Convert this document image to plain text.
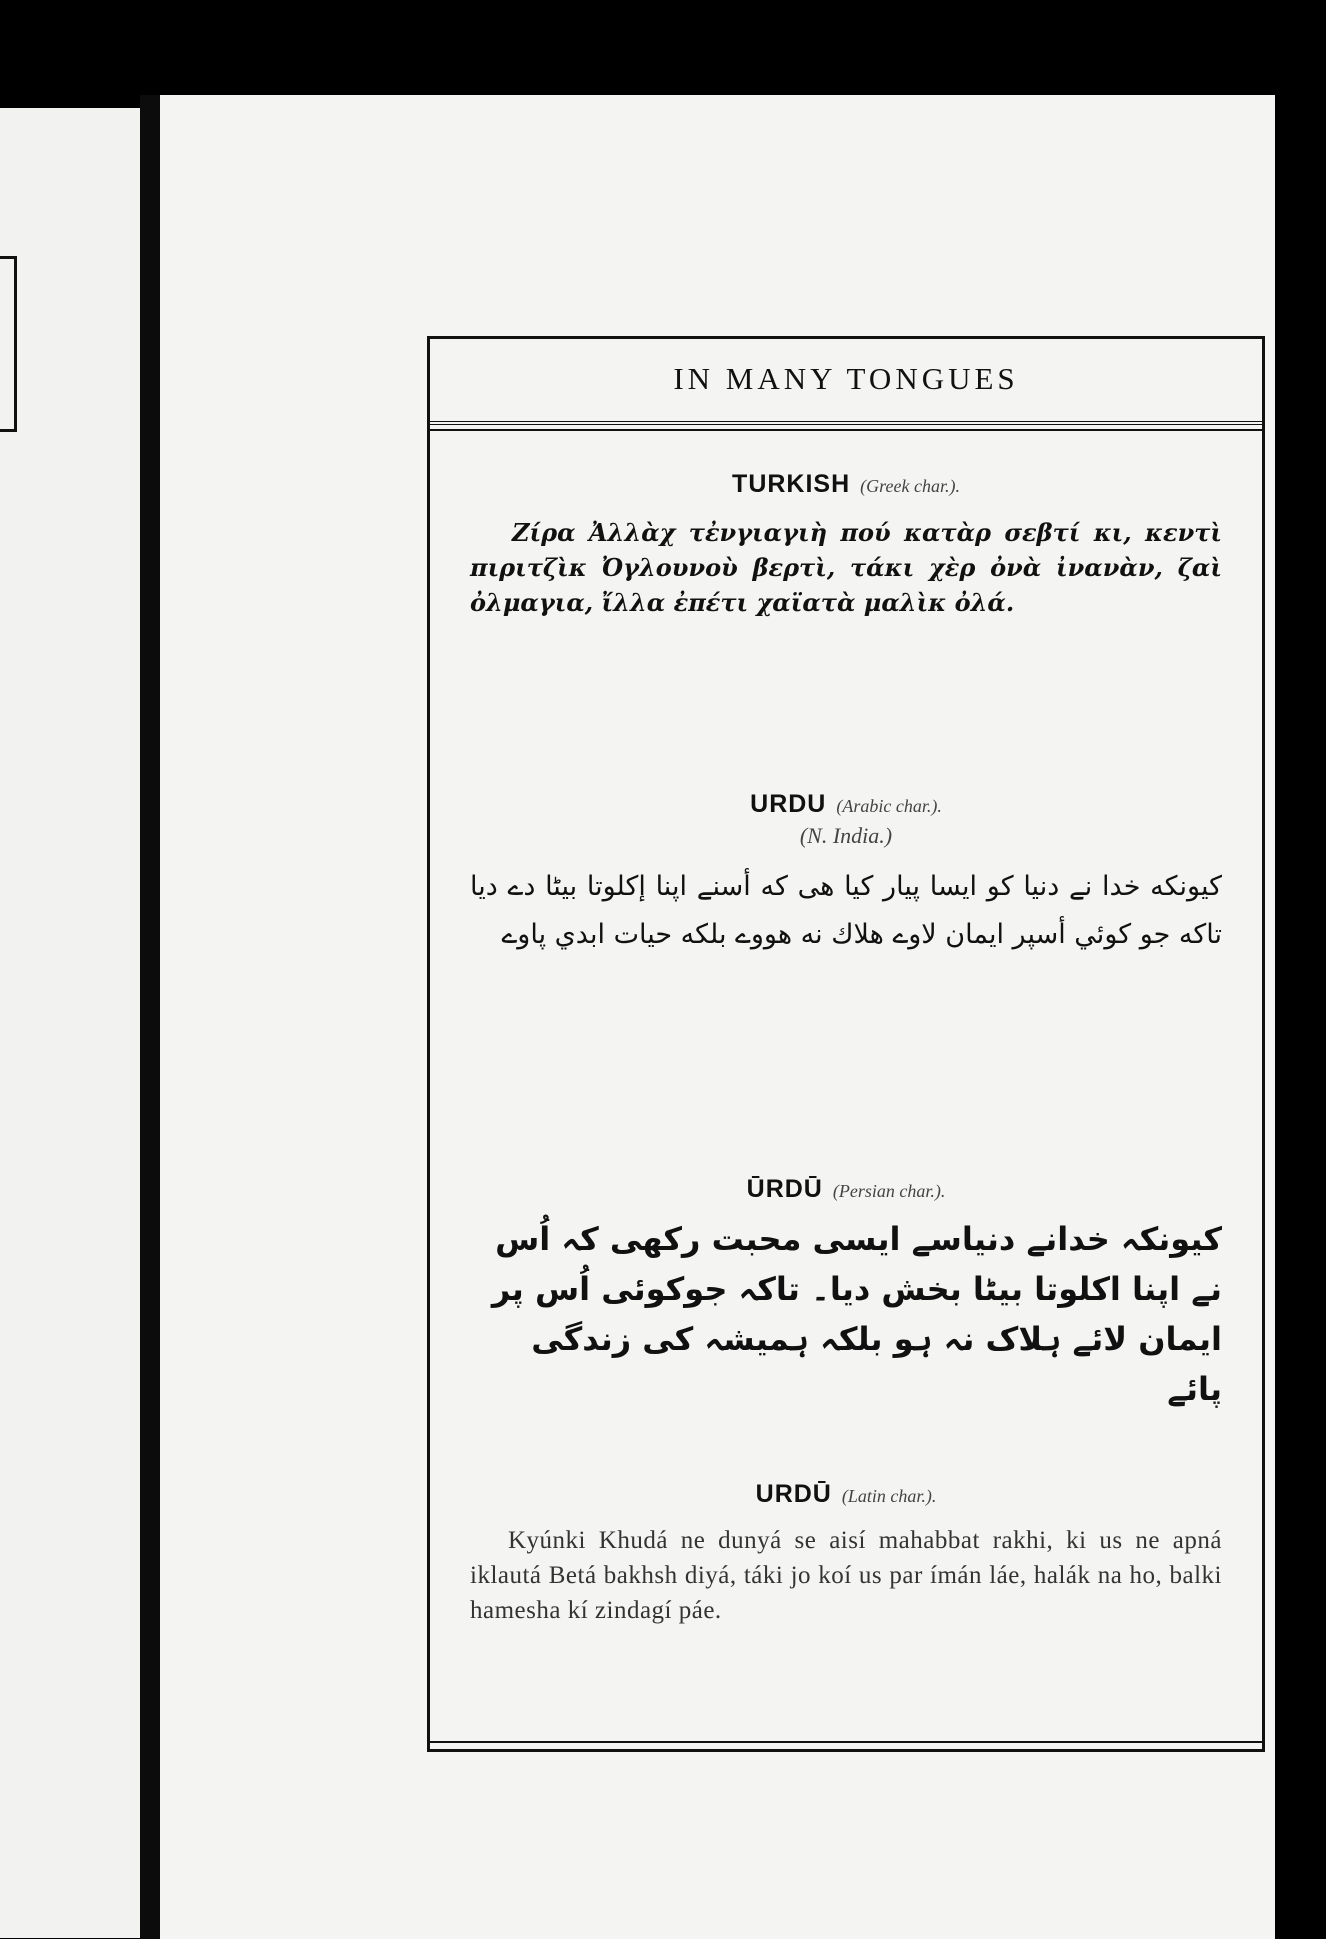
IN MANY TONGUES
TURKISH (Greek char.).
Zίρα Ἀλλὰχ τἐνγιαγιὴ πού κατὰρ σεβτί κι, κεντὶ πιριτζὶκ Ὀγλουνοὺ βερτὶ, τάκι χὲρ ὀνὰ ἰνανὰν, ζαὶ ὀλμαγια, ἴλλα ἐπέτι χαϊατὰ μαλὶκ ὀλά.
URDU (Arabic char.).
(N. India.)
كيونكه خدا نے دنيا كو ايسا پيار كيا هى كه أسنے اپنا إكلوتا بيٹا دے ديا تاكه جو كوئي أسپر ايمان لاوے هلاك نه هووے بلكه حيات ابدي پاوے
ŪRDŪ (Persian char.).
کیونکہ خدانے دنیاسے ایسی محبت رکھی کہ اُس نے اپنا اکلوتا بیٹا بخش دیا۔ تاکہ جوکوئی اُس پر ایمان لائے ہلاک نہ ہو بلکہ ہمیشہ کی زندگی پائے
URDŪ (Latin char.).
Kyúnki Khudá ne dunyá se aisí mahabbat rakhi, ki us ne apná iklautá Betá bakhsh diyá, táki jo koí us par ímán láe, halák na ho, balki hamesha kí zindagí páe.
